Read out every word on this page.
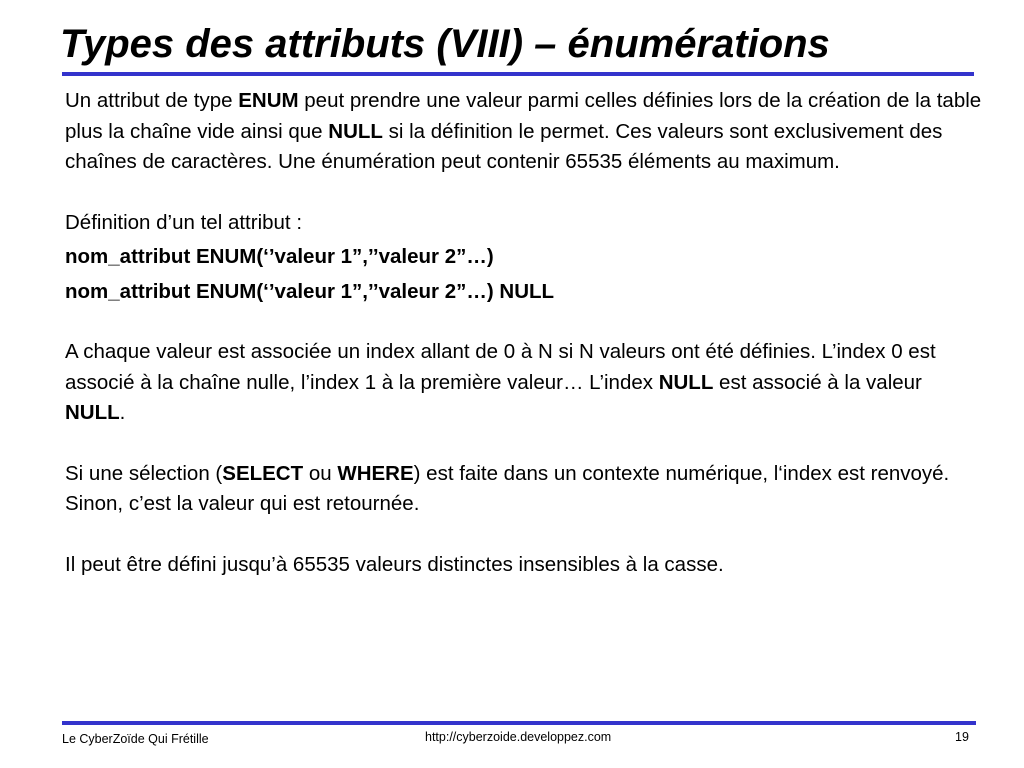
Types des attributs (VIII) – énumérations

Un attribut de type ENUM peut prendre une valeur parmi celles définies lors de la création de la table plus la chaîne vide ainsi que NULL si la définition le permet. Ces valeurs sont exclusivement des chaînes de caractères. Une énumération peut contenir 65535 éléments au maximum.

Définition d’un tel attribut :

nom_attribut ENUM(‘’valeur 1”,’’valeur 2”…)

nom_attribut ENUM(‘’valeur 1”,’’valeur 2”…) NULL

A chaque valeur est associée un index allant de 0 à N si N valeurs ont été définies. L’index 0 est associé à la chaîne nulle, l’index 1 à la première valeur… L’index NULL est associé à la valeur NULL.

Si une sélection (SELECT ou WHERE) est faite dans un contexte numérique, l‘index est renvoyé. Sinon, c’est la valeur qui est retournée.

Il peut être défini jusqu’à 65535 valeurs distinctes insensibles à la casse.

Le CyberZoïde Qui Frétille	http://cyberzoide.developpez.com	19
